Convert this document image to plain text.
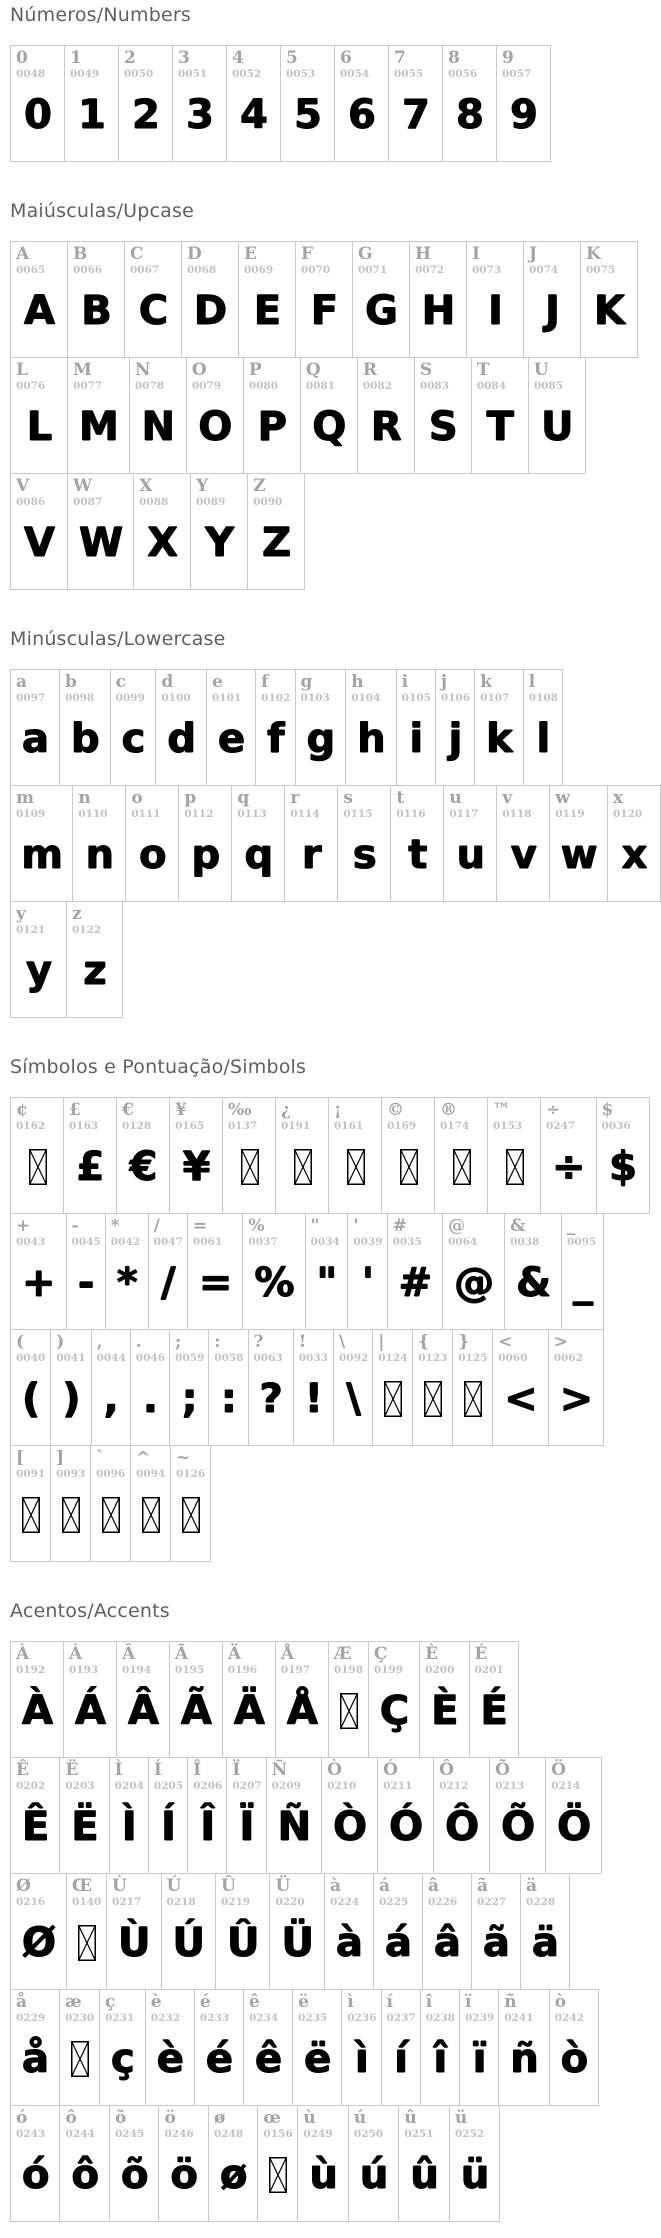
Números/Numbers
0
0048
0
1
0049
1
2
0050
2
3
0051
3
4
0052
4
5
0053
5
6
0054
6
7
0055
7
8
0056
8
9
0057
9
Maiúsculas/Upcase
A
0065
A
B
0066
B
C
0067
C
D
0068
D
E
0069
E
F
0070
F
G
0071
G
H
0072
H
I
0073
I
J
0074
J
K
0075
K
L
0076
L
M
0077
M
N
0078
N
O
0079
O
P
0080
P
Q
0081
Q
R
0082
R
S
0083
S
T
0084
T
U
0085
U
V
0086
V
W
0087
W
X
0088
X
Y
0089
Y
Z
0090
Z
Minúsculas/Lowercase
a
0097
a
b
0098
b
c
0099
c
d
0100
d
e
0101
e
f
0102
f
g
0103
g
h
0104
h
i
0105
i
j
0106
j
k
0107
k
l
0108
l
m
0109
m
n
0110
n
o
0111
o
p
0112
p
q
0113
q
r
0114
r
s
0115
s
t
0116
t
u
0117
u
v
0118
v
w
0119
w
x
0120
x
y
0121
y
z
0122
z
Símbolos e Pontuação/Simbols
¢
0162
£
0163
£
€
0128
€
¥
0165
¥
‰
0137
¿
0191
¡
0161
©
0169
®
0174
™
0153
÷
0247
÷
$
0036
$
+
0043
+
-
0045
-
*
0042
*
/
0047
/
=
0061
=
%
0037
%
"
0034
"
'
0039
'
#
0035
#
@
0064
@
&
0038
&
_
0095
_
(
0040
(
)
0041
)
,
0044
,
.
0046
.
;
0059
;
:
0058
:
?
0063
?
!
0033
!
\
0092
\
|
0124
{
0123
}
0125
<
0060
<
>
0062
>
[
0091
]
0093
`
0096
^
0094
~
0126
Acentos/Accents
À
0192
À
Á
0193
Á
Â
0194
Â
Ã
0195
Ã
Ä
0196
Ä
Å
0197
Å
Æ
0198
Ç
0199
Ç
È
0200
È
É
0201
É
Ê
0202
Ê
Ë
0203
Ë
Ì
0204
Ì
Í
0205
Í
Î
0206
Î
Ï
0207
Ï
Ñ
0209
Ñ
Ò
0210
Ò
Ó
0211
Ó
Ô
0212
Ô
Õ
0213
Õ
Ö
0214
Ö
Ø
0216
Ø
Œ
0140
Ù
0217
Ù
Ú
0218
Ú
Û
0219
Û
Ü
0220
Ü
à
0224
à
á
0225
á
â
0226
â
ã
0227
ã
ä
0228
ä
å
0229
å
æ
0230
ç
0231
ç
è
0232
è
é
0233
é
ê
0234
ê
ë
0235
ë
ì
0236
ì
í
0237
í
î
0238
î
ï
0239
ï
ñ
0241
ñ
ò
0242
ò
ó
0243
ó
ô
0244
ô
õ
0245
õ
ö
0246
ö
ø
0248
ø
œ
0156
ù
0249
ù
ú
0250
ú
û
0251
û
ü
0252
ü
